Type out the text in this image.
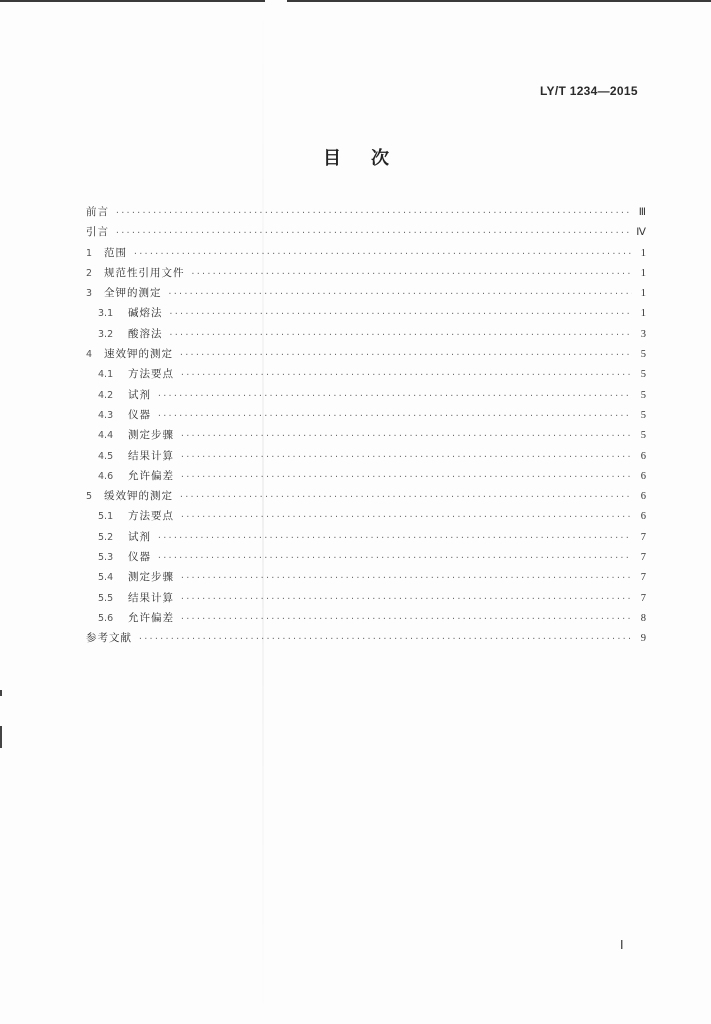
LY/T 1234—2015
目次
前言 ·····	Ⅲ
引言 ·····	Ⅳ
1	范围 ·····	1
2	规范性引用文件 ·····	1
3	全钾的测定 ·····	1
3.1	碱熔法 ·····	1
3.2	酸溶法 ·····	3
4	速效钾的测定 ·····	5
4.1	方法要点 ·····	5
4.2	试剂 ·····	5
4.3	仪器 ·····	5
4.4	测定步骤 ·····	5
4.5	结果计算 ·····	6
4.6	允许偏差 ·····	6
5	缓效钾的测定 ·····	6
5.1	方法要点 ·····	6
5.2	试剂 ·····	7
5.3	仪器 ·····	7
5.4	测定步骤 ·····	7
5.5	结果计算 ·····	7
5.6	允许偏差 ·····	8
参考文献 ·····	9
Ⅰ
